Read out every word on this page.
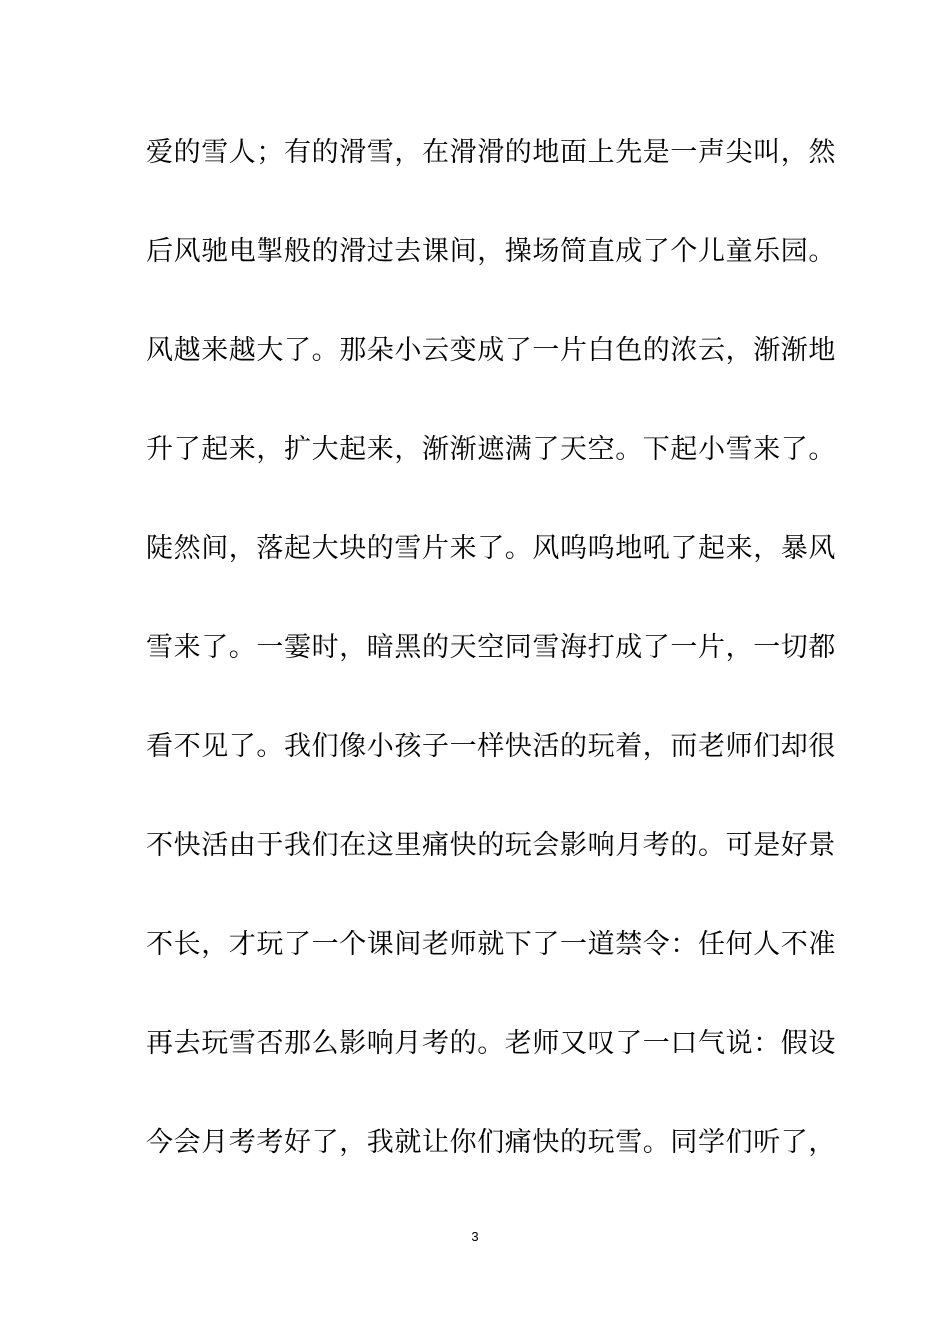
爱的雪人；有的滑雪，在滑滑的地面上先是一声尖叫，然
后风驰电掣般的滑过去课间，操场简直成了个儿童乐园。
风越来越大了。那朵小云变成了一片白色的浓云，渐渐地
升了起来，扩大起来，渐渐遮满了天空。下起小雪来了。
陡然间，落起大块的雪片来了。风呜呜地吼了起来，暴风
雪来了。一霎时，暗黑的天空同雪海打成了一片，一切都
看不见了。我们像小孩子一样快活的玩着，而老师们却很
不快活由于我们在这里痛快的玩会影响月考的。可是好景
不长，才玩了一个课间老师就下了一道禁令：任何人不准
再去玩雪否那么影响月考的。老师又叹了一口气说：假设
今会月考考好了，我就让你们痛快的玩雪。同学们听了，
3
